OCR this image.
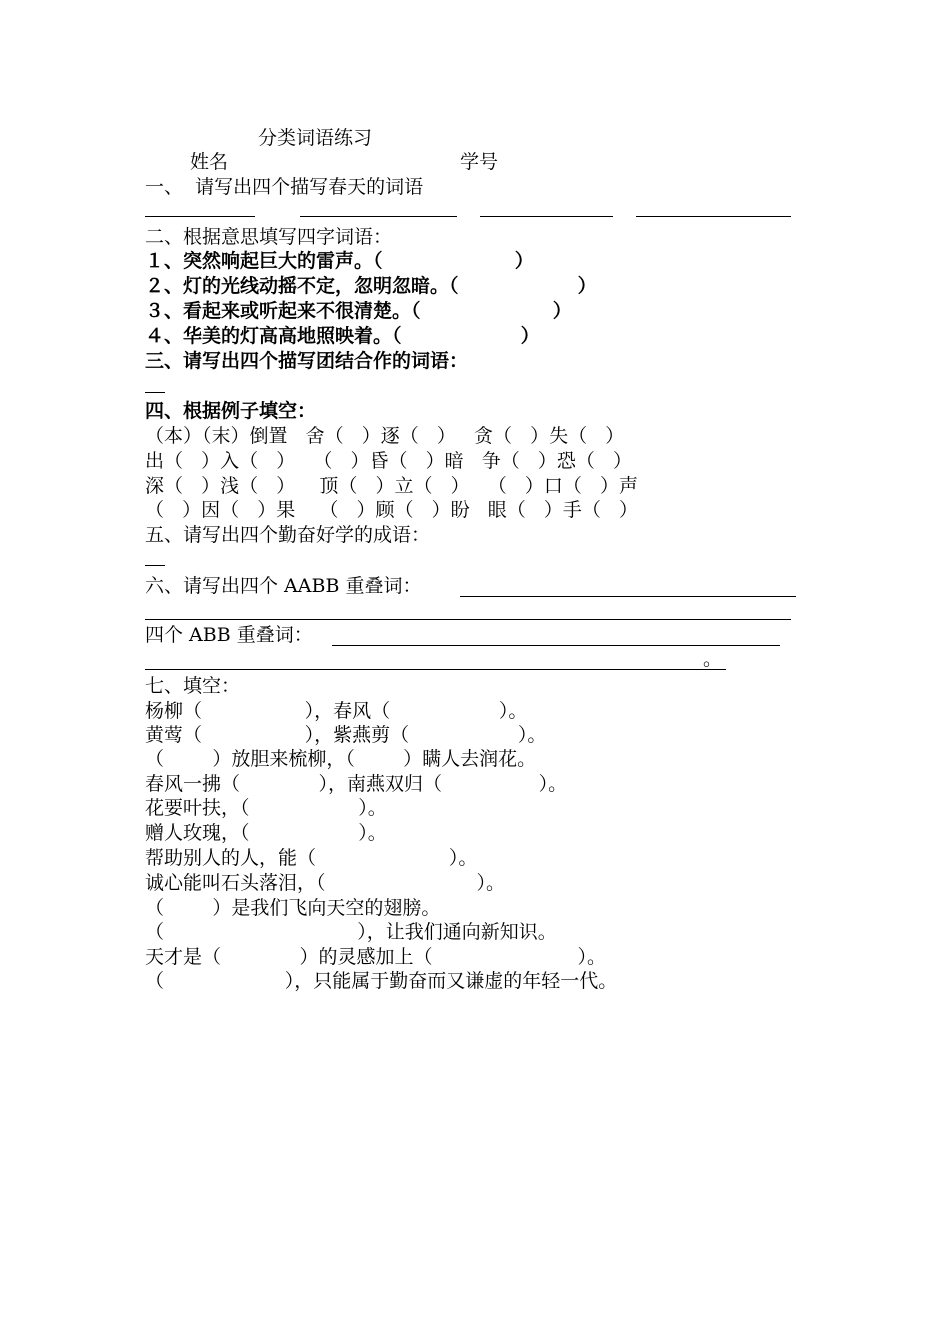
分类词语练习
姓名	学号
一、  请写出四个描写春天的词语
二、根据意思填写四字词语：
１、突然响起巨大的雷声。（                    ）
２、灯的光线动摇不定，忽明忽暗。（                  ）
３、看起来或听起来不很清楚。（                    ）
４、华美的灯高高地照映着。（                  ）
三、请写出四个描写团结合作的词语：
四、根据例子填空：
（本）（末）倒置   舍（   ）逐（   ）   贪（   ）失（   ）
出（   ）入（   ）   （   ）昏（   ）暗   争（   ）恐（   ）
深（   ）浅（   ）    顶（   ）立（   ）   （   ）口（   ）声
（   ）因（   ）果    （   ）顾（   ）盼   眼（   ）手（   ）
五、请写出四个勤奋好学的成语：
六、请写出四个 AABB 重叠词：
四个 ABB 重叠词：
。
七、填空：
杨柳（                 ），春风（                  ）。
黄莺（                 ），紫燕剪（                  ）。
（        ）放胆来梳柳，（        ）瞒人去润花。
春风一拂（             ），南燕双归（                ）。
花要叶扶，（                  ）。
赠人玫瑰，（                  ）。
帮助别人的人，能（                      ）。
诚心能叫石头落泪，（                         ）。
（        ）是我们飞向天空的翅膀。
（                                ），让我们通向新知识。
天才是（             ）的灵感加上（                        ）。
（                    ），只能属于勤奋而又谦虚的年轻一代。
